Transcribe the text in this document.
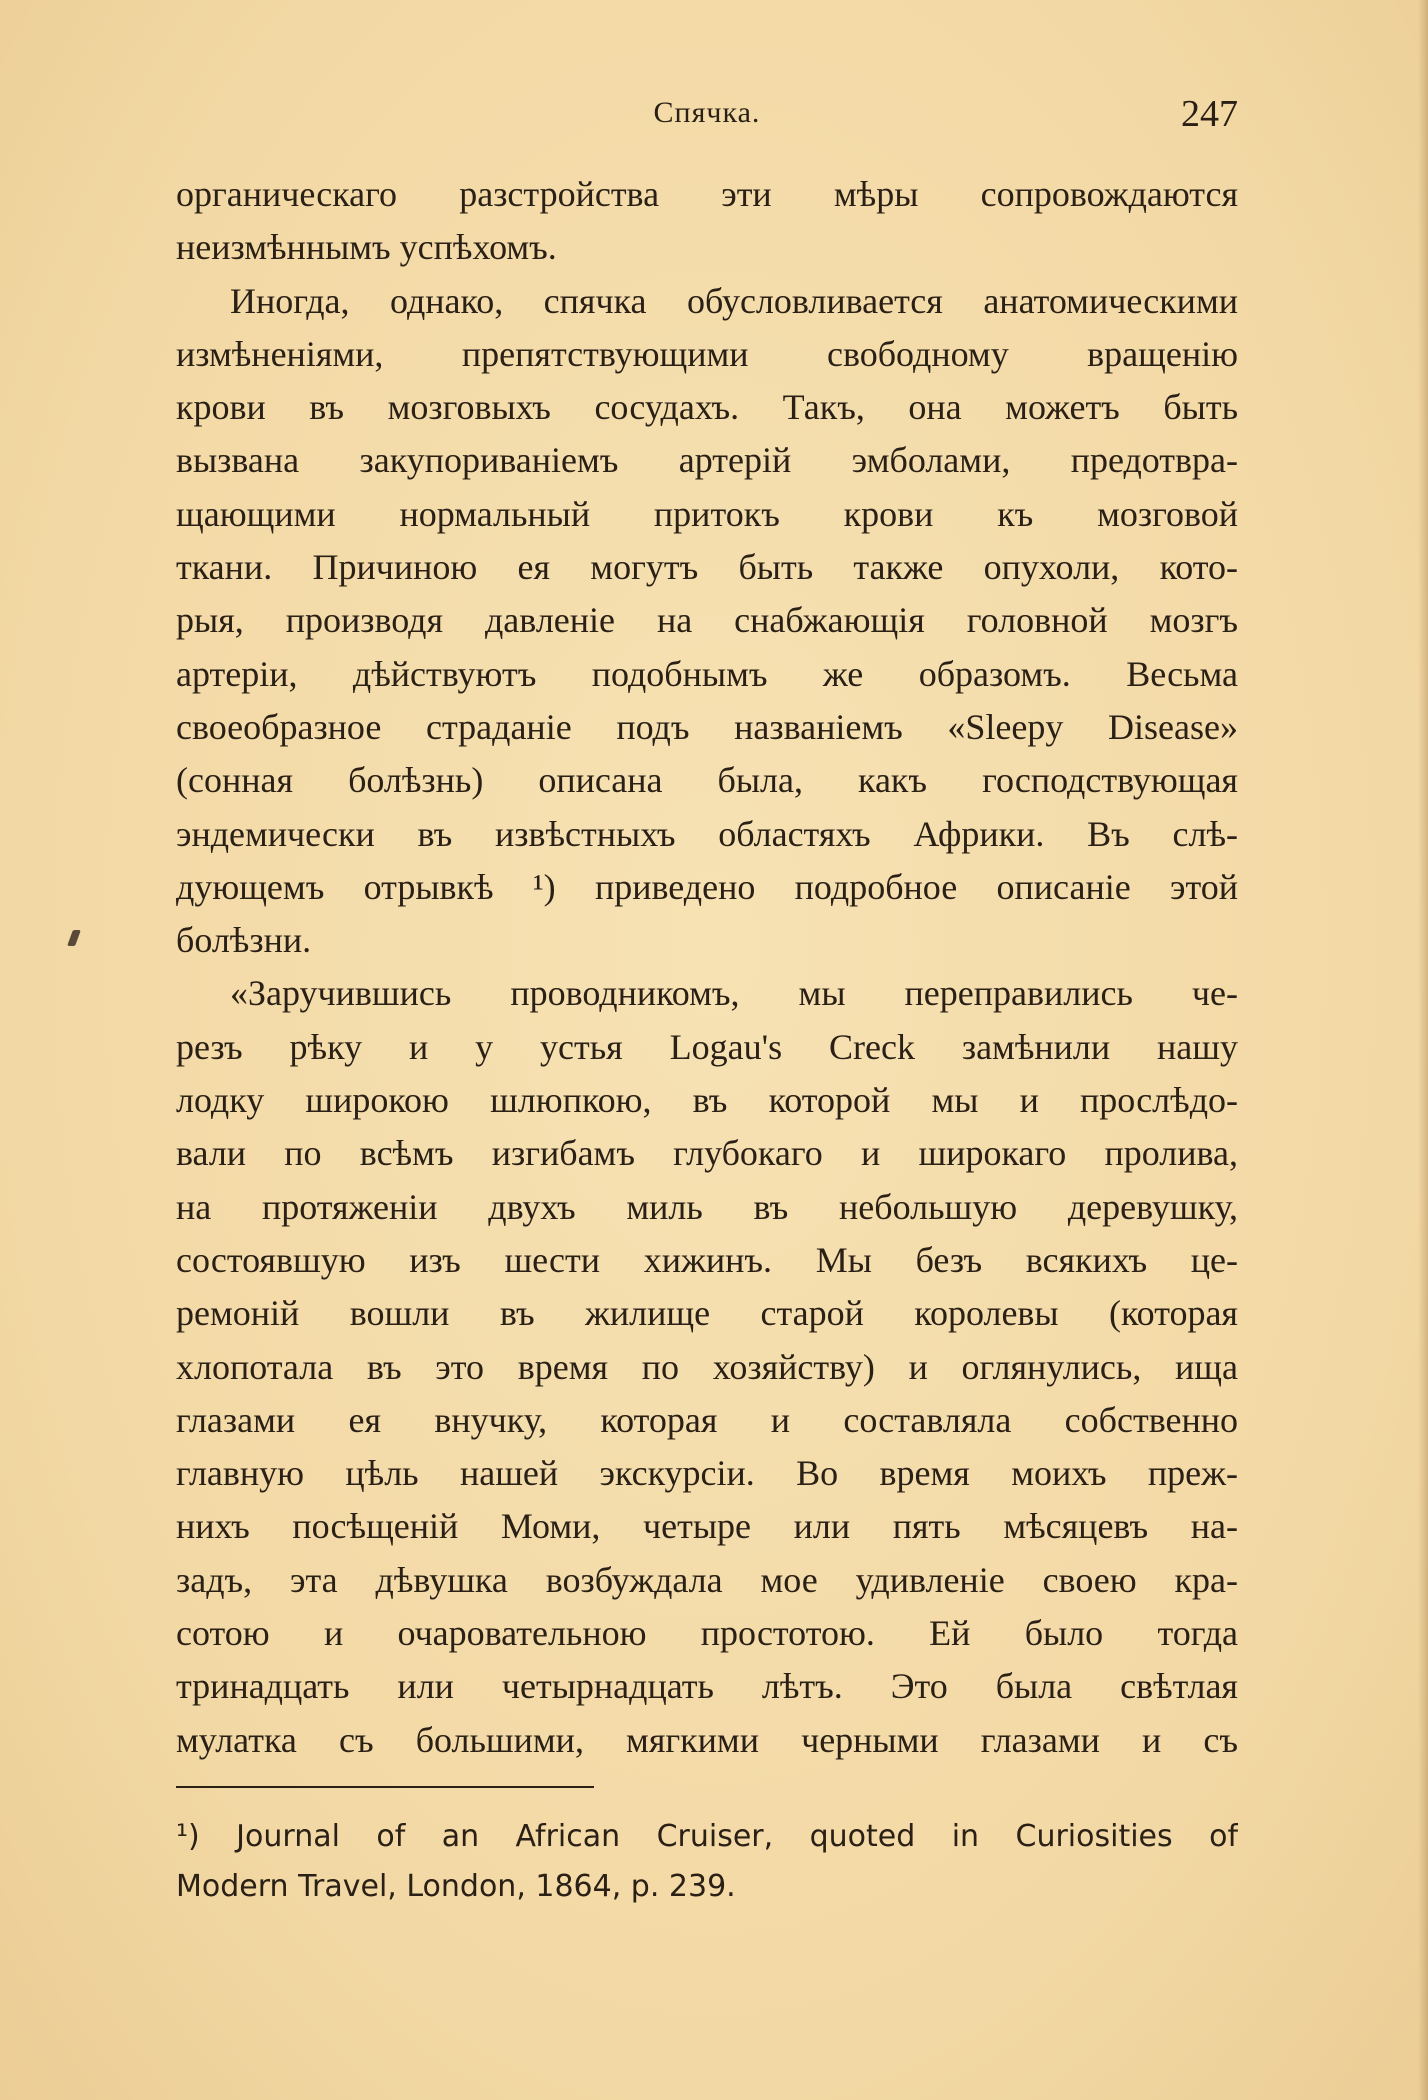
Спячка.	247
органическаго разстройства эти мѣры сопровождаются
неизмѣннымъ успѣхомъ.
Иногда, однако, спячка обусловливается анатомическими
измѣненiями, препятствующими свободному вращенiю
крови въ мозговыхъ сосудахъ. Такъ, она можетъ быть
вызвана закупориванiемъ артерiй эмболами, предотвра-
щающими нормальный притокъ крови къ мозговой
ткани. Причиною ея могутъ быть также опухоли, кото-
рыя, производя давленiе на снабжающiя головной мозгъ
артерiи, дѣйствуютъ подобнымъ же образомъ. Весьма
своеобразное страданiе подъ названiемъ «Sleepy Disease»
(сонная болѣзнь) описана была, какъ господствующая
эндемически въ извѣстныхъ областяхъ Африки. Въ слѣ-
дующемъ отрывкѣ ¹) приведено подробное описанiе этой
болѣзни.
«Заручившись проводникомъ, мы переправились че-
резъ рѣку и у устья Logau's Creck замѣнили нашу
лодку широкою шлюпкою, въ которой мы и прослѣдо-
вали по всѣмъ изгибамъ глубокаго и широкаго пролива,
на протяженiи двухъ миль въ небольшую деревушку,
состоявшую изъ шести хижинъ. Мы безъ всякихъ це-
ремонiй вошли въ жилище старой королевы (которая
хлопотала въ это время по хозяйству) и оглянулись, ища
глазами ея внучку, которая и составляла собственно
главную цѣль нашей экскурсiи. Во время моихъ преж-
нихъ посѣщенiй Моми, четыре или пять мѣсяцевъ на-
задъ, эта дѣвушка возбуждала мое удивленiе своею кра-
сотою и очаровательною простотою. Ей было тогда
тринадцать или четырнадцать лѣтъ. Это была свѣтлая
мулатка съ большими, мягкими черными глазами и съ
¹) Journal of an African Cruiser, quoted in Curiosities of
Modern Travel, London, 1864, p. 239.
